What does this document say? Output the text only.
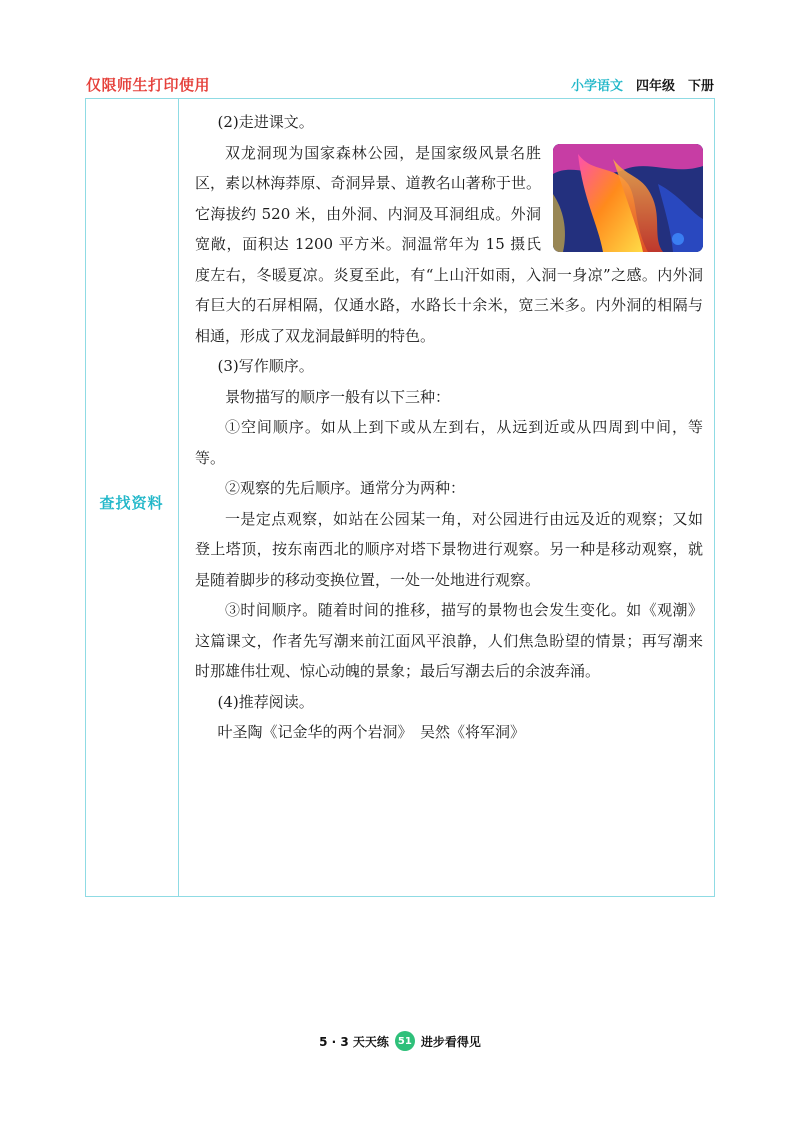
仅限师生打印使用	小学语文 四年级 下册
查找资料

(2)走进课文。

双龙洞现为国家森林公园，是国家级风景名胜区，素以林海莽原、奇洞异景、道教名山著称于世。它海拔约 520 米，由外洞、内洞及耳洞组成。外洞宽敞，面积达 1200 平方米。洞温常年为 15 摄氏度左右，冬暖夏凉。炎夏至此，有“上山汗如雨，入洞一身凉”之感。内外洞有巨大的石屏相隔，仅通水路，水路长十余米，宽三米多。内外洞的相隔与相通，形成了双龙洞最鲜明的特色。

(3)写作顺序。

景物描写的顺序一般有以下三种：

①空间顺序。如从上到下或从左到右，从远到近或从四周到中间，等等。

②观察的先后顺序。通常分为两种：

一是定点观察，如站在公园某一角，对公园进行由远及近的观察；又如登上塔顶，按东南西北的顺序对塔下景物进行观察。另一种是移动观察，就是随着脚步的移动变换位置，一处一处地进行观察。

③时间顺序。随着时间的推移，描写的景物也会发生变化。如《观潮》这篇课文，作者先写潮来前江面风平浪静，人们焦急盼望的情景；再写潮来时那雄伟壮观、惊心动魄的景象；最后写潮去后的余波奔涌。

(4)推荐阅读。

叶圣陶《记金华的两个岩洞》　吴然《将军洞》

5 · 3 天天练 51 进步看得见
